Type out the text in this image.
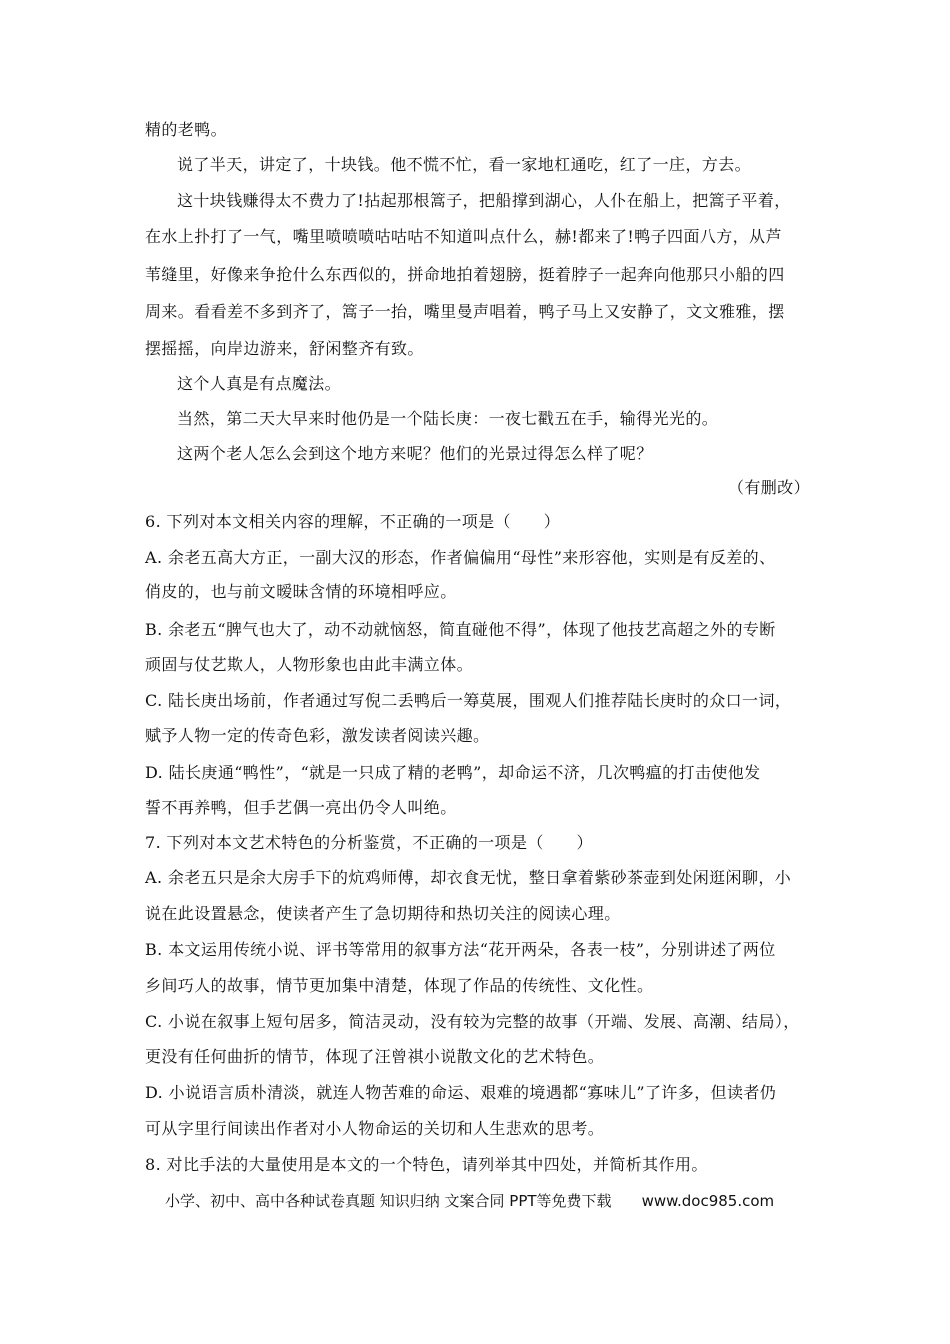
精的老鸭。
说了半天，讲定了，十块钱。他不慌不忙，看一家地杠通吃，红了一庄，方去。
这十块钱赚得太不费力了!拈起那根篙子，把船撑到湖心，人仆在船上，把篙子平着，
在水上扑打了一气，嘴里喷喷喷咕咕咕不知道叫点什么，赫!都来了!鸭子四面八方，从芦
苇缝里，好像来争抢什么东西似的，拼命地拍着翅膀，挺着脖子一起奔向他那只小船的四
周来。看看差不多到齐了，篙子一抬，嘴里曼声唱着，鸭子马上又安静了，文文雅雅，摆
摆摇摇，向岸边游来，舒闲整齐有致。
这个人真是有点魔法。
当然，第二天大早来时他仍是一个陆长庚：一夜七戳五在手，输得光光的。
这两个老人怎么会到这个地方来呢？他们的光景过得怎么样了呢？
（有删改）
6. 下列对本文相关内容的理解，不正确的一项是（　　）
A. 余老五高大方正，一副大汉的形态，作者偏偏用“母性”来形容他，实则是有反差的、
俏皮的，也与前文暧昧含情的环境相呼应。
B. 余老五“脾气也大了，动不动就恼怒，简直碰他不得”，体现了他技艺高超之外的专断
顽固与仗艺欺人，人物形象也由此丰满立体。
C. 陆长庚出场前，作者通过写倪二丢鸭后一筹莫展，围观人们推荐陆长庚时的众口一词，
赋予人物一定的传奇色彩，激发读者阅读兴趣。
D. 陆长庚通“鸭性”，“就是一只成了精的老鸭”，却命运不济，几次鸭瘟的打击使他发
誓不再养鸭，但手艺偶一亮出仍令人叫绝。
7. 下列对本文艺术特色的分析鉴赏，不正确的一项是（　　）
A. 余老五只是余大房手下的炕鸡师傅，却衣食无忧，整日拿着紫砂茶壶到处闲逛闲聊，小
说在此设置悬念，使读者产生了急切期待和热切关注的阅读心理。
B. 本文运用传统小说、评书等常用的叙事方法“花开两朵，各表一枝”，分别讲述了两位
乡间巧人的故事，情节更加集中清楚，体现了作品的传统性、文化性。
C. 小说在叙事上短句居多，简洁灵动，没有较为完整的故事（开端、发展、高潮、结局），
更没有任何曲折的情节，体现了汪曾祺小说散文化的艺术特色。
D. 小说语言质朴清淡，就连人物苦难的命运、艰难的境遇都“寡味儿”了许多，但读者仍
可从字里行间读出作者对小人物命运的关切和人生悲欢的思考。
8. 对比手法的大量使用是本文的一个特色，请列举其中四处，并简析其作用。
小学、初中、高中各种试卷真题 知识归纳 文案合同 PPT等免费下载 www.doc985.com
